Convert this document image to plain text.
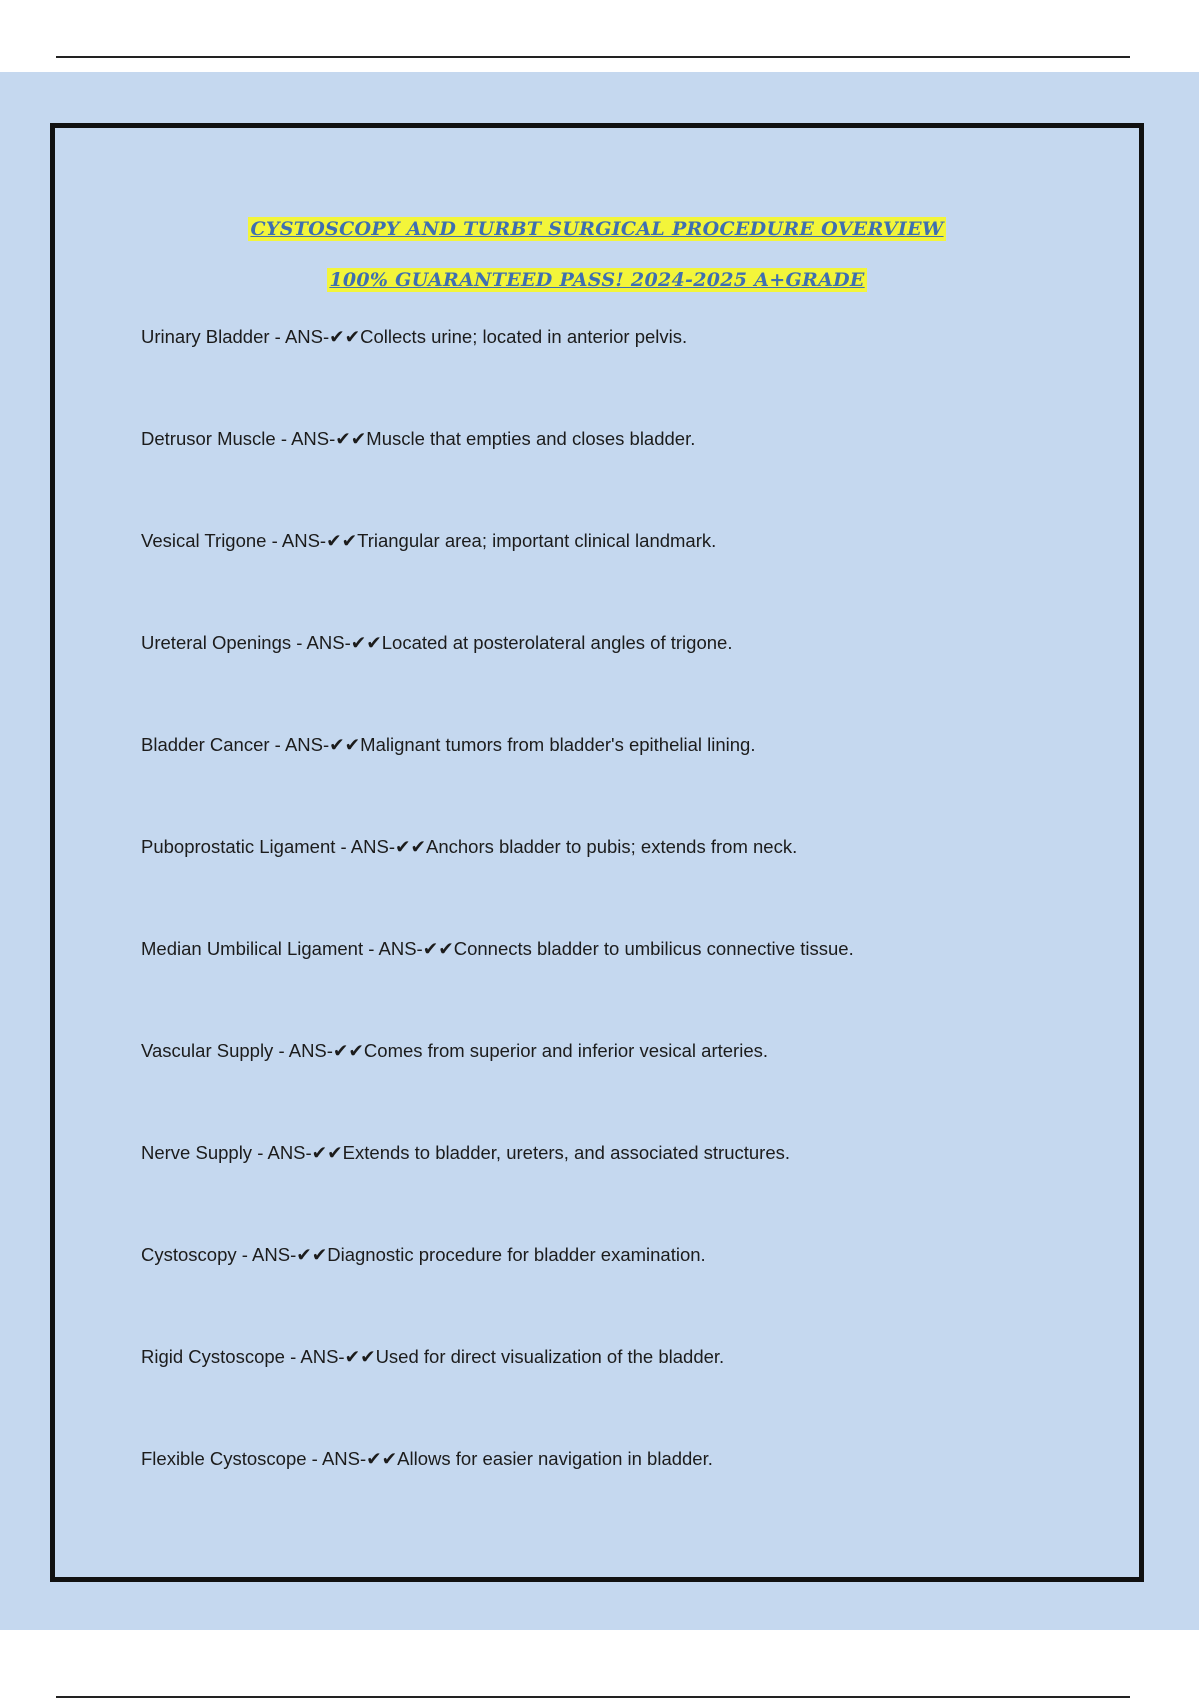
CYSTOSCOPY AND TURBT SURGICAL PROCEDURE OVERVIEW
100% GUARANTEED PASS! 2024-2025 A+GRADE
Urinary Bladder - ANS-✔✔Collects urine; located in anterior pelvis.
Detrusor Muscle - ANS-✔✔Muscle that empties and closes bladder.
Vesical Trigone - ANS-✔✔Triangular area; important clinical landmark.
Ureteral Openings - ANS-✔✔Located at posterolateral angles of trigone.
Bladder Cancer - ANS-✔✔Malignant tumors from bladder's epithelial lining.
Puboprostatic Ligament - ANS-✔✔Anchors bladder to pubis; extends from neck.
Median Umbilical Ligament - ANS-✔✔Connects bladder to umbilicus connective tissue.
Vascular Supply - ANS-✔✔Comes from superior and inferior vesical arteries.
Nerve Supply - ANS-✔✔Extends to bladder, ureters, and associated structures.
Cystoscopy - ANS-✔✔Diagnostic procedure for bladder examination.
Rigid Cystoscope - ANS-✔✔Used for direct visualization of the bladder.
Flexible Cystoscope - ANS-✔✔Allows for easier navigation in bladder.
